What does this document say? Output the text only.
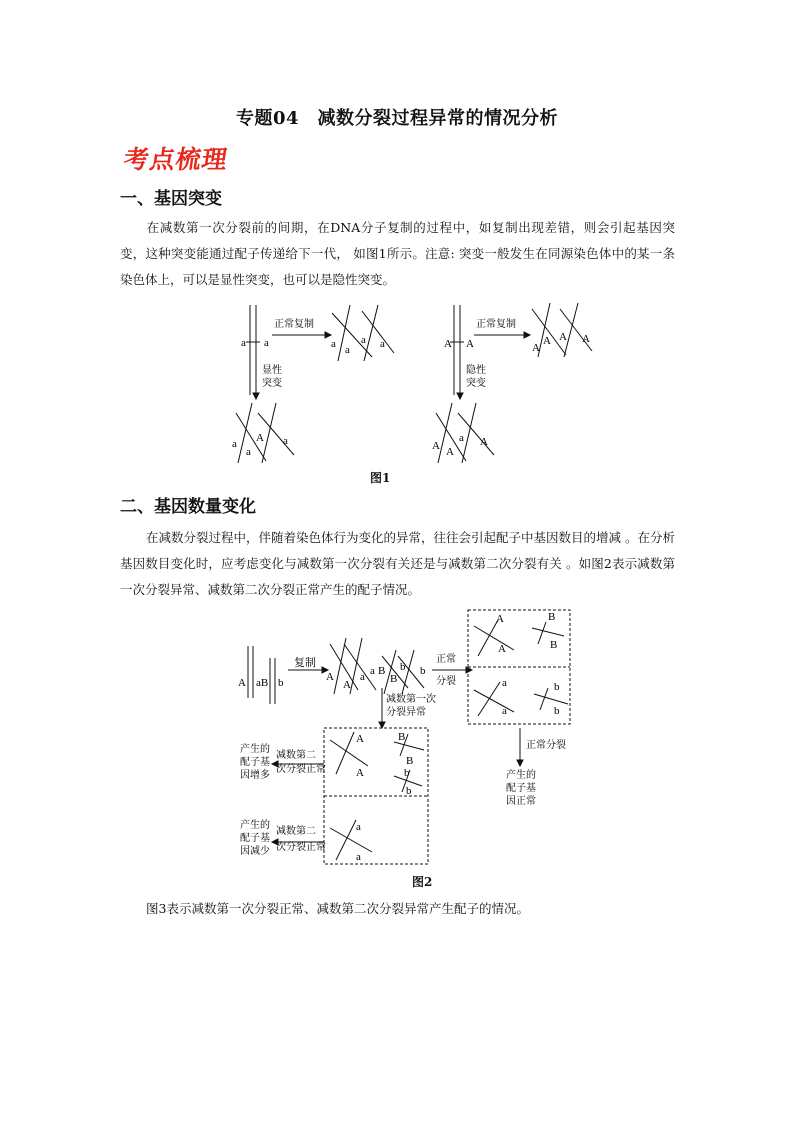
专题04　减数分裂过程异常的情况分析
考点梳理
一、基因突变
在减数第一次分裂前的间期，在DNA分子复制的过程中，如复制出现差错，则会引起基因突变，这种突变能通过配子传递给下一代， 如图1所示。注意: 突变一般发生在同源染色体中的某一条染色体上，可以是显性突变，也可以是隐性突变。
a a
正常复制
a a
a a
显性
突变
a
a
A a
A A
正常复制
A
A A A
隐性
突变
A A
a A
图1
二、基因数量变化
在减数分裂过程中，伴随着染色体行为变化的异常，往往会引起配子中基因数目的增减 。在分析基因数目变化时，应考虑变化与减数第一次分裂有关还是与减数第二次分裂有关 。如图2表示减数第一次分裂异常、减数第二次分裂正常产生的配子情况。
A aB b
复制
A
A
a a B
B
b b
正常
分裂
减数第一次
分裂异常
A
A
B
B
a
a
b
b
正常分裂
产生的
配子基
因正常
A
A
B
B
b
b
a
a
产生的
配子基
因增多
减数第二
次分裂正常
产生的
配子基
因减少
减数第二
次分裂正常
图2
图3表示减数第一次分裂正常、减数第二次分裂异常产生配子的情况。
